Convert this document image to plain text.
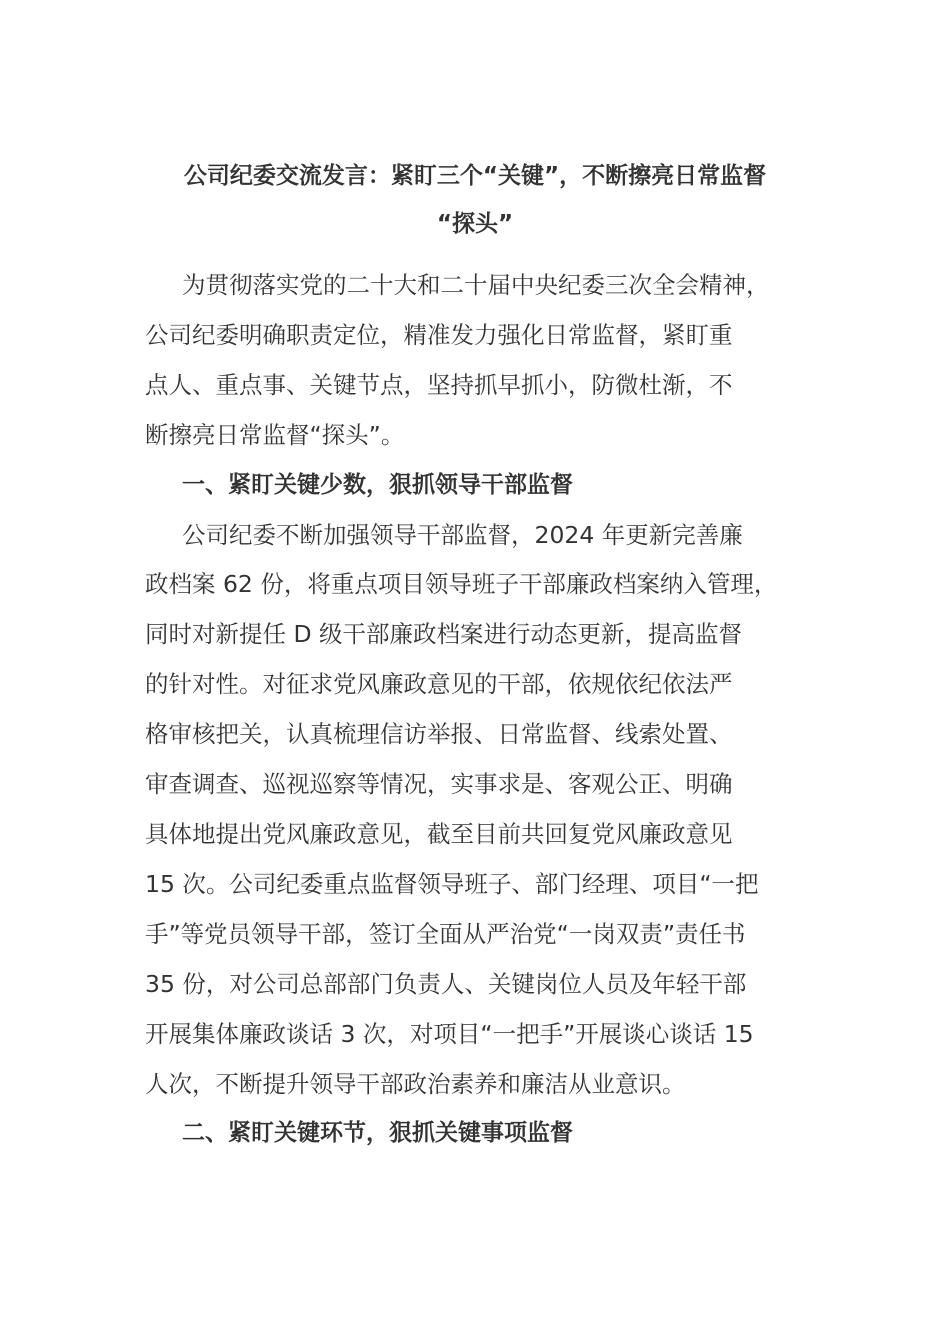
公司纪委交流发言：紧盯三个“关键”，不断擦亮日常监督
“探头”
为贯彻落实党的二十大和二十届中央纪委三次全会精神，
公司纪委明确职责定位，精准发力强化日常监督，紧盯重
点人、重点事、关键节点，坚持抓早抓小，防微杜渐，不
断擦亮日常监督“探头”。
一、紧盯关键少数，狠抓领导干部监督
公司纪委不断加强领导干部监督，2024 年更新完善廉
政档案 62 份，将重点项目领导班子干部廉政档案纳入管理，
同时对新提任 D 级干部廉政档案进行动态更新，提高监督
的针对性。对征求党风廉政意见的干部，依规依纪依法严
格审核把关，认真梳理信访举报、日常监督、线索处置、
审查调查、巡视巡察等情况，实事求是、客观公正、明确
具体地提出党风廉政意见，截至目前共回复党风廉政意见
15 次。公司纪委重点监督领导班子、部门经理、项目“一把
手”等党员领导干部，签订全面从严治党“一岗双责”责任书
35 份，对公司总部部门负责人、关键岗位人员及年轻干部
开展集体廉政谈话 3 次，对项目“一把手”开展谈心谈话 15
人次，不断提升领导干部政治素养和廉洁从业意识。
二、紧盯关键环节，狠抓关键事项监督
